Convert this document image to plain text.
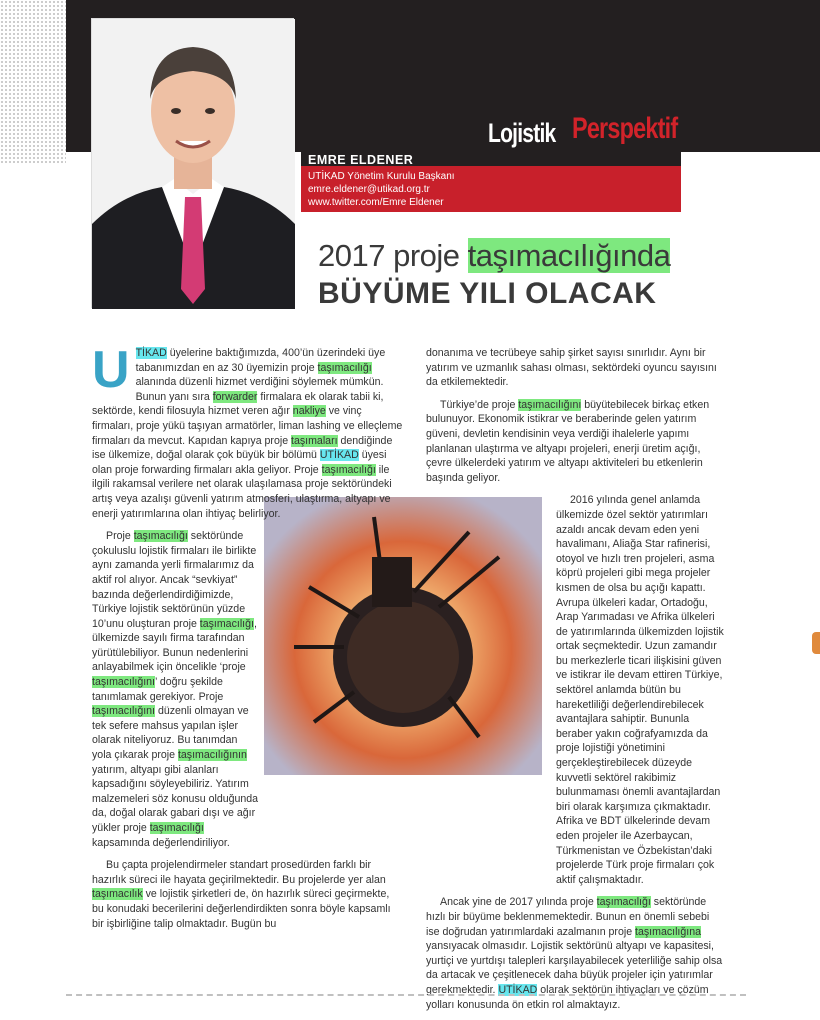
Lojistik Perspektif
EMRE ELDENER
UTİKAD Yönetim Kurulu Başkanı
emre.eldener@utikad.org.tr
www.twitter.com/Emre Eldener
2017 proje taşımacılığında
BÜYÜME YILI OLACAK

UTİKAD üyelerine baktığımızda, 400’ün üzerindeki üye tabanımızdan en az 30 üyemizin proje taşımacılığı alanında düzenli hizmet verdiğini söylemek mümkün. Bunun yanı sıra forwarder firmalara ek olarak tabii ki, sektörde, kendi filosuyla hizmet veren ağır nakliye ve vinç firmaları, proje yükü taşıyan armatörler, liman lashing ve elleçleme firmaları da mevcut. Kapıdan kapıya proje taşımaları dendiğinde ise ülkemize, doğal olarak çok büyük bir bölümü UTİKAD üyesi olan proje forwarding firmaları akla geliyor. Proje taşımacılığı ile ilgili rakamsal verilere net olarak ulaşılamasa proje sektöründeki artış veya azalışı güvenli yatırım atmosferi, ulaştırma, altyapı ve enerji yatırımlarına olan ihtiyaç belirliyor.

Proje taşımacılığı sektöründe çokuluslu lojistik firmaları ile birlikte aynı zamanda yerli firmalarımız da aktif rol alıyor. Ancak “sevkiyat” bazında değerlendirdiğimizde, Türkiye lojistik sektörünün yüzde 10’unu oluşturan proje taşımacılığı, ülkemizde sayılı firma tarafından yürütülebiliyor. Bunun nedenlerini anlayabilmek için öncelikle ‘proje taşımacılığını’ doğru şekilde tanımlamak gerekiyor. Proje taşımacılığını düzenli olmayan ve tek sefere mahsus yapılan işler olarak niteliyoruz. Bu tanımdan yola çıkarak proje taşımacılığının yatırım, altyapı gibi alanları kapsadığını söyleyebiliriz. Yatırım malzemeleri söz konusu olduğunda da, doğal olarak gabari dışı ve ağır yükler proje taşımacılığı kapsamında değerlendiriliyor.

Bu çapta projelendirmeler standart prosedürden farklı bir hazırlık süreci ile hayata geçirilmektedir. Bu projelerde yer alan taşımacılık ve lojistik şirketleri de, ön hazırlık süreci geçirmekte, bu konudaki becerilerini değerlendirdikten sonra böyle kapsamlı bir işbirliğine talip olmaktadır. Bugün bu

donanıma ve tecrübeye sahip şirket sayısı sınırlıdır. Aynı bir yatırım ve uzmanlık sahası olması, sektördeki oyuncu sayısını da etkilemektedir.

Türkiye’de proje taşımacılığını büyütebilecek birkaç etken bulunuyor. Ekonomik istikrar ve beraberinde gelen yatırım güveni, devletin kendisinin veya verdiği ihalelerle yapımı planlanan ulaştırma ve altyapı projeleri, enerji üretim açığı, çevre ülkelerdeki yatırım ve altyapı aktiviteleri bu etkenlerin başında geliyor.

2016 yılında genel anlamda ülkemizde özel sektör yatırımları azaldı ancak devam eden yeni havalimanı, Aliağa Star rafinerisi, otoyol ve hızlı tren projeleri, asma köprü projeleri gibi mega projeler kısmen de olsa bu açığı kapattı. Avrupa ülkeleri kadar, Ortadoğu, Arap Yarımadası ve Afrika ülkeleri de yatırımlarında ülkemizden lojistik ortak seçmektedir. Uzun zamandır bu merkezlerle ticari ilişkisini güven ve istikrar ile devam ettiren Türkiye, sektörel anlamda bütün bu hareketliliği değerlendirebilecek avantajlara sahiptir. Bununla beraber yakın coğrafyamızda da proje lojistiği yönetimini gerçekleştirebilecek düzeyde kuvvetli sektörel rakibimiz bulunmaması önemli avantajlardan biri olarak karşımıza çıkmaktadır. Afrika ve BDT ülkelerinde devam eden projeler ile Azerbaycan, Türkmenistan ve Özbekistan’daki projelerde Türk proje firmaları çok aktif çalışmaktadır.

Ancak yine de 2017 yılında proje taşımacılığı sektöründe hızlı bir büyüme beklenmemektedir. Bunun en önemli sebebi ise doğrudan yatırımlardaki azalmanın proje taşımacılığına yansıyacak olmasıdır. Lojistik sektörünü altyapı ve kapasitesi, yurtiçi ve yurtdışı talepleri karşılayabilecek yeterliliğe sahip olsa da artacak ve çeşitlenecek daha büyük projeler için yatırımlar gerekmektedir. UTİKAD olarak sektörün ihtiyaçları ve çözüm yolları konusunda ön etkin rol almaktayız.
